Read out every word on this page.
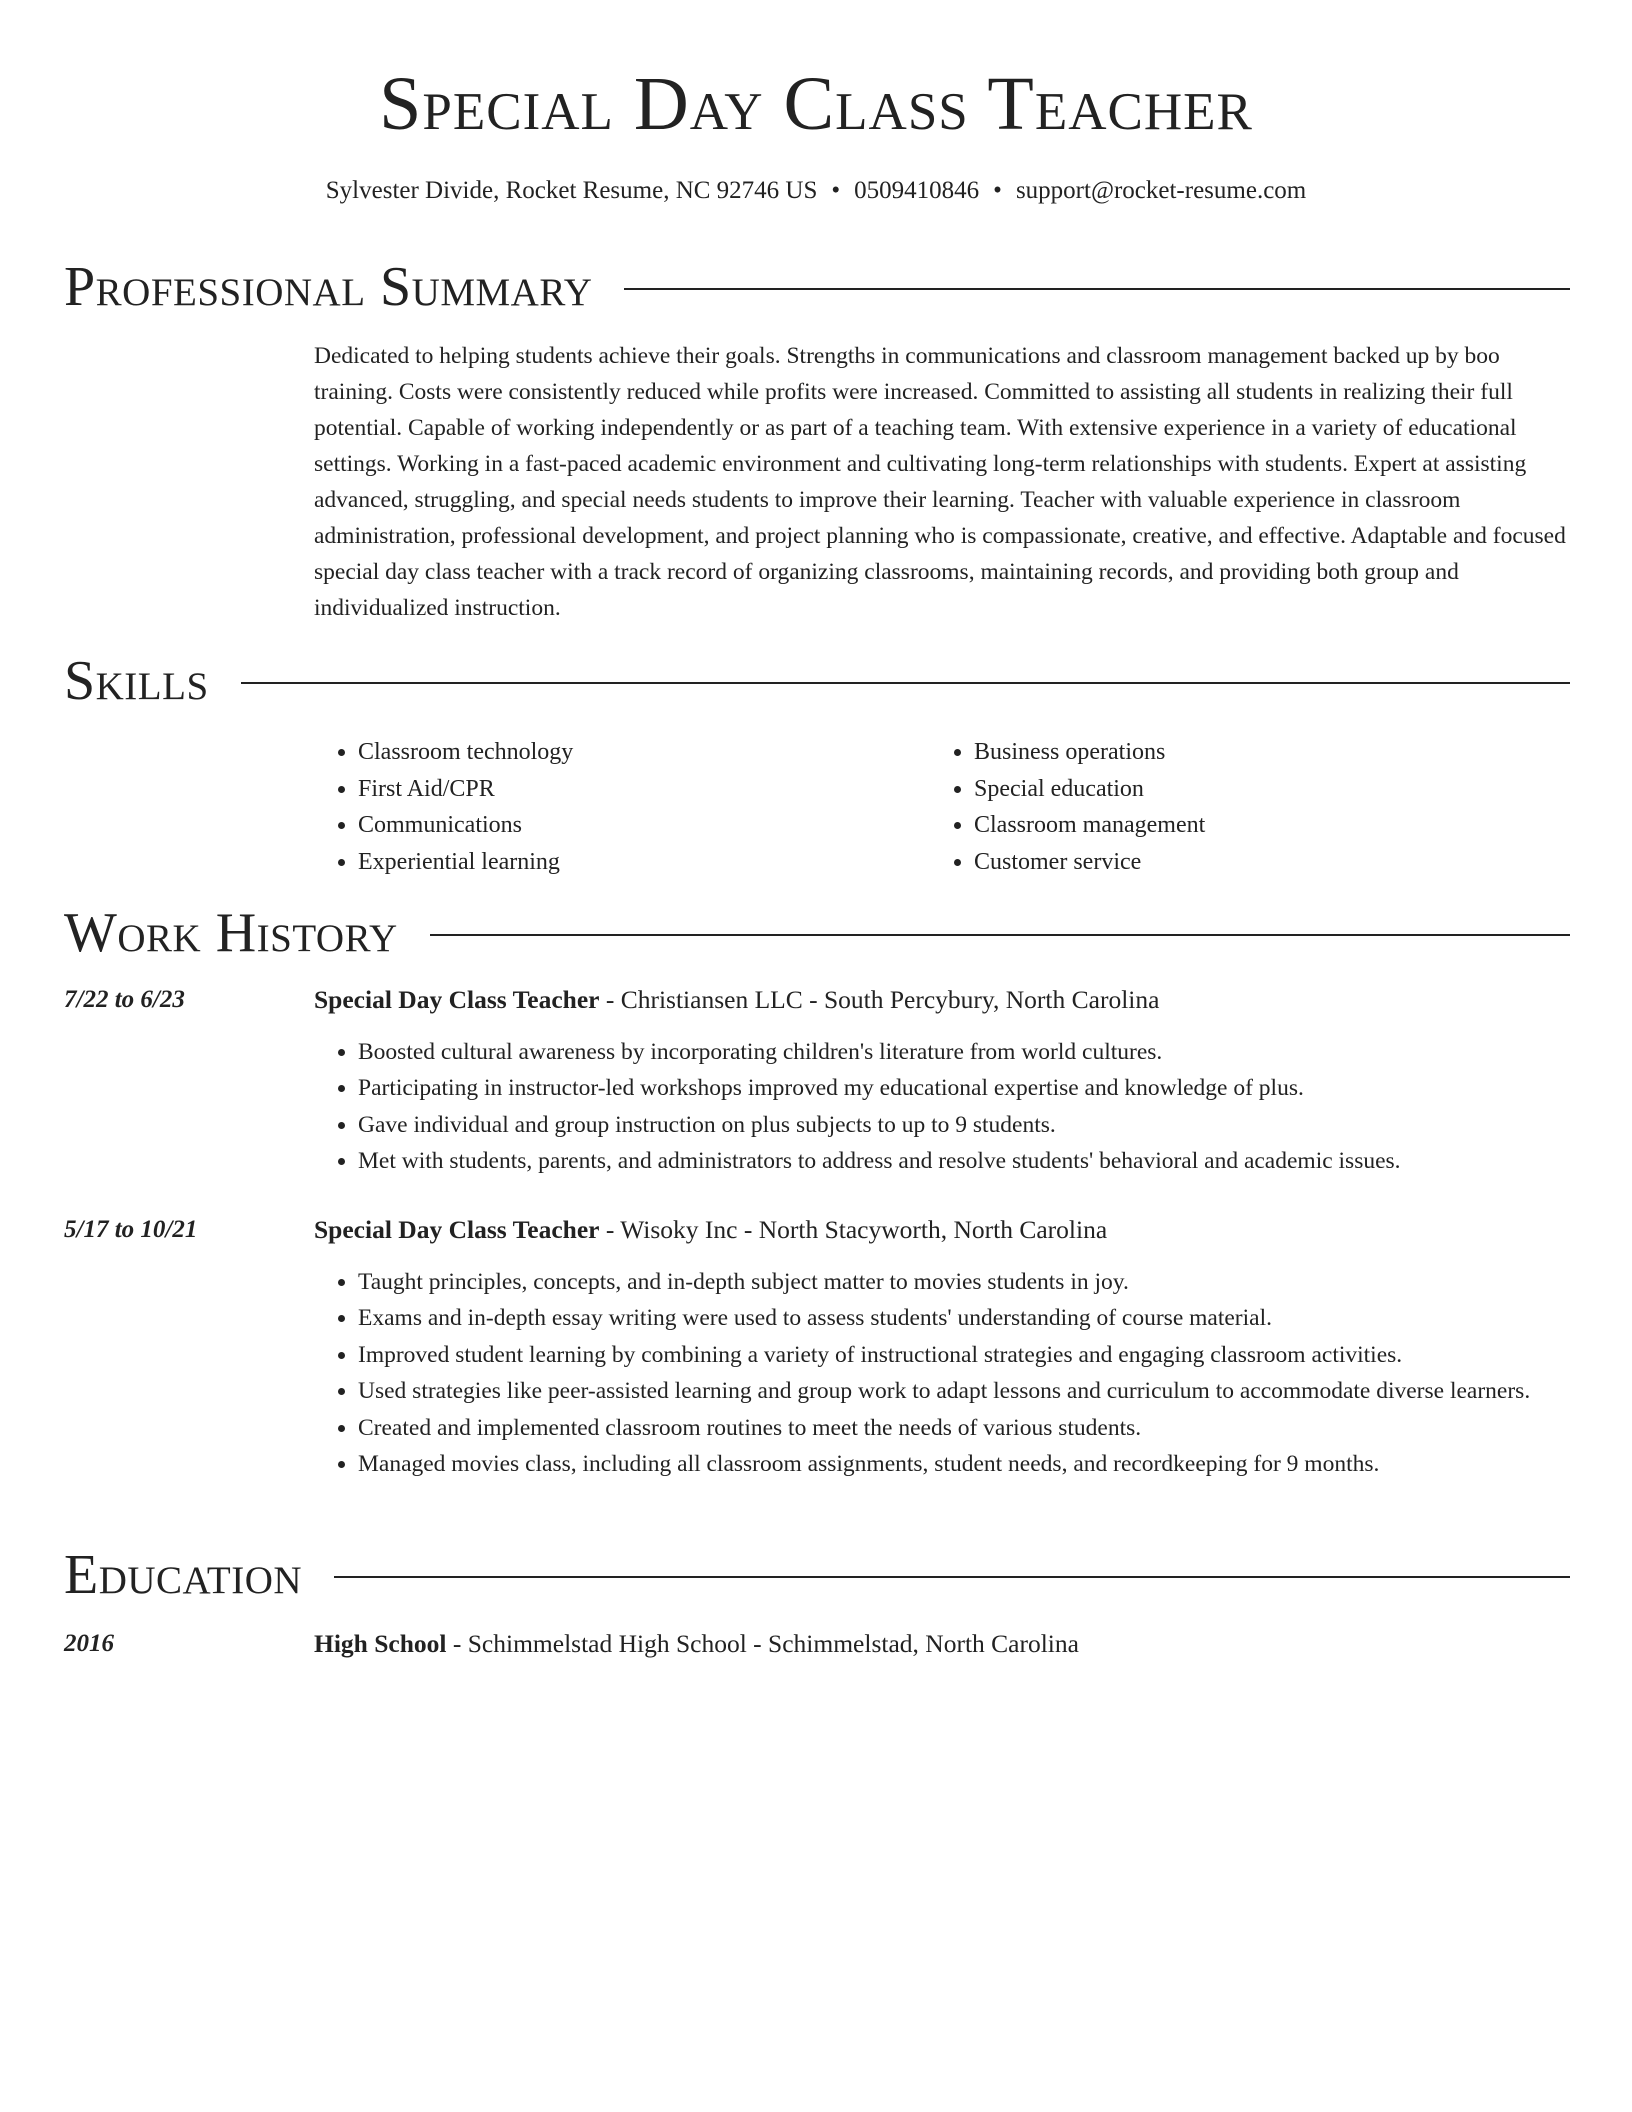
Special Day Class Teacher
Sylvester Divide, Rocket Resume, NC 92746 US • 0509410846 • support@rocket-resume.com
Professional Summary

Dedicated to helping students achieve their goals. Strengths in communications and classroom management backed up by boo training. Costs were consistently reduced while profits were increased. Committed to assisting all students in realizing their full potential. Capable of working independently or as part of a teaching team. With extensive experience in a variety of educational settings. Working in a fast-paced academic environment and cultivating long-term relationships with students. Expert at assisting advanced, struggling, and special needs students to improve their learning. Teacher with valuable experience in classroom administration, professional development, and project planning who is compassionate, creative, and effective. Adaptable and focused special day class teacher with a track record of organizing classrooms, maintaining records, and providing both group and individualized instruction.

Skills
• Classroom technology
• First Aid/CPR
• Communications
• Experiential learning
• Business operations
• Special education
• Classroom management
• Customer service
Work History
7/22 to 6/23	Special Day Class Teacher - Christiansen LLC - South Percybury, North Carolina
• Boosted cultural awareness by incorporating children's literature from world cultures.
• Participating in instructor-led workshops improved my educational expertise and knowledge of plus.
• Gave individual and group instruction on plus subjects to up to 9 students.
• Met with students, parents, and administrators to address and resolve students' behavioral and academic issues.
5/17 to 10/21	Special Day Class Teacher - Wisoky Inc - North Stacyworth, North Carolina
• Taught principles, concepts, and in-depth subject matter to movies students in joy.
• Exams and in-depth essay writing were used to assess students' understanding of course material.
• Improved student learning by combining a variety of instructional strategies and engaging classroom activities.
• Used strategies like peer-assisted learning and group work to adapt lessons and curriculum to accommodate diverse learners.
• Created and implemented classroom routines to meet the needs of various students.
• Managed movies class, including all classroom assignments, student needs, and recordkeeping for 9 months.
Education
2016	High School - Schimmelstad High School - Schimmelstad, North Carolina
